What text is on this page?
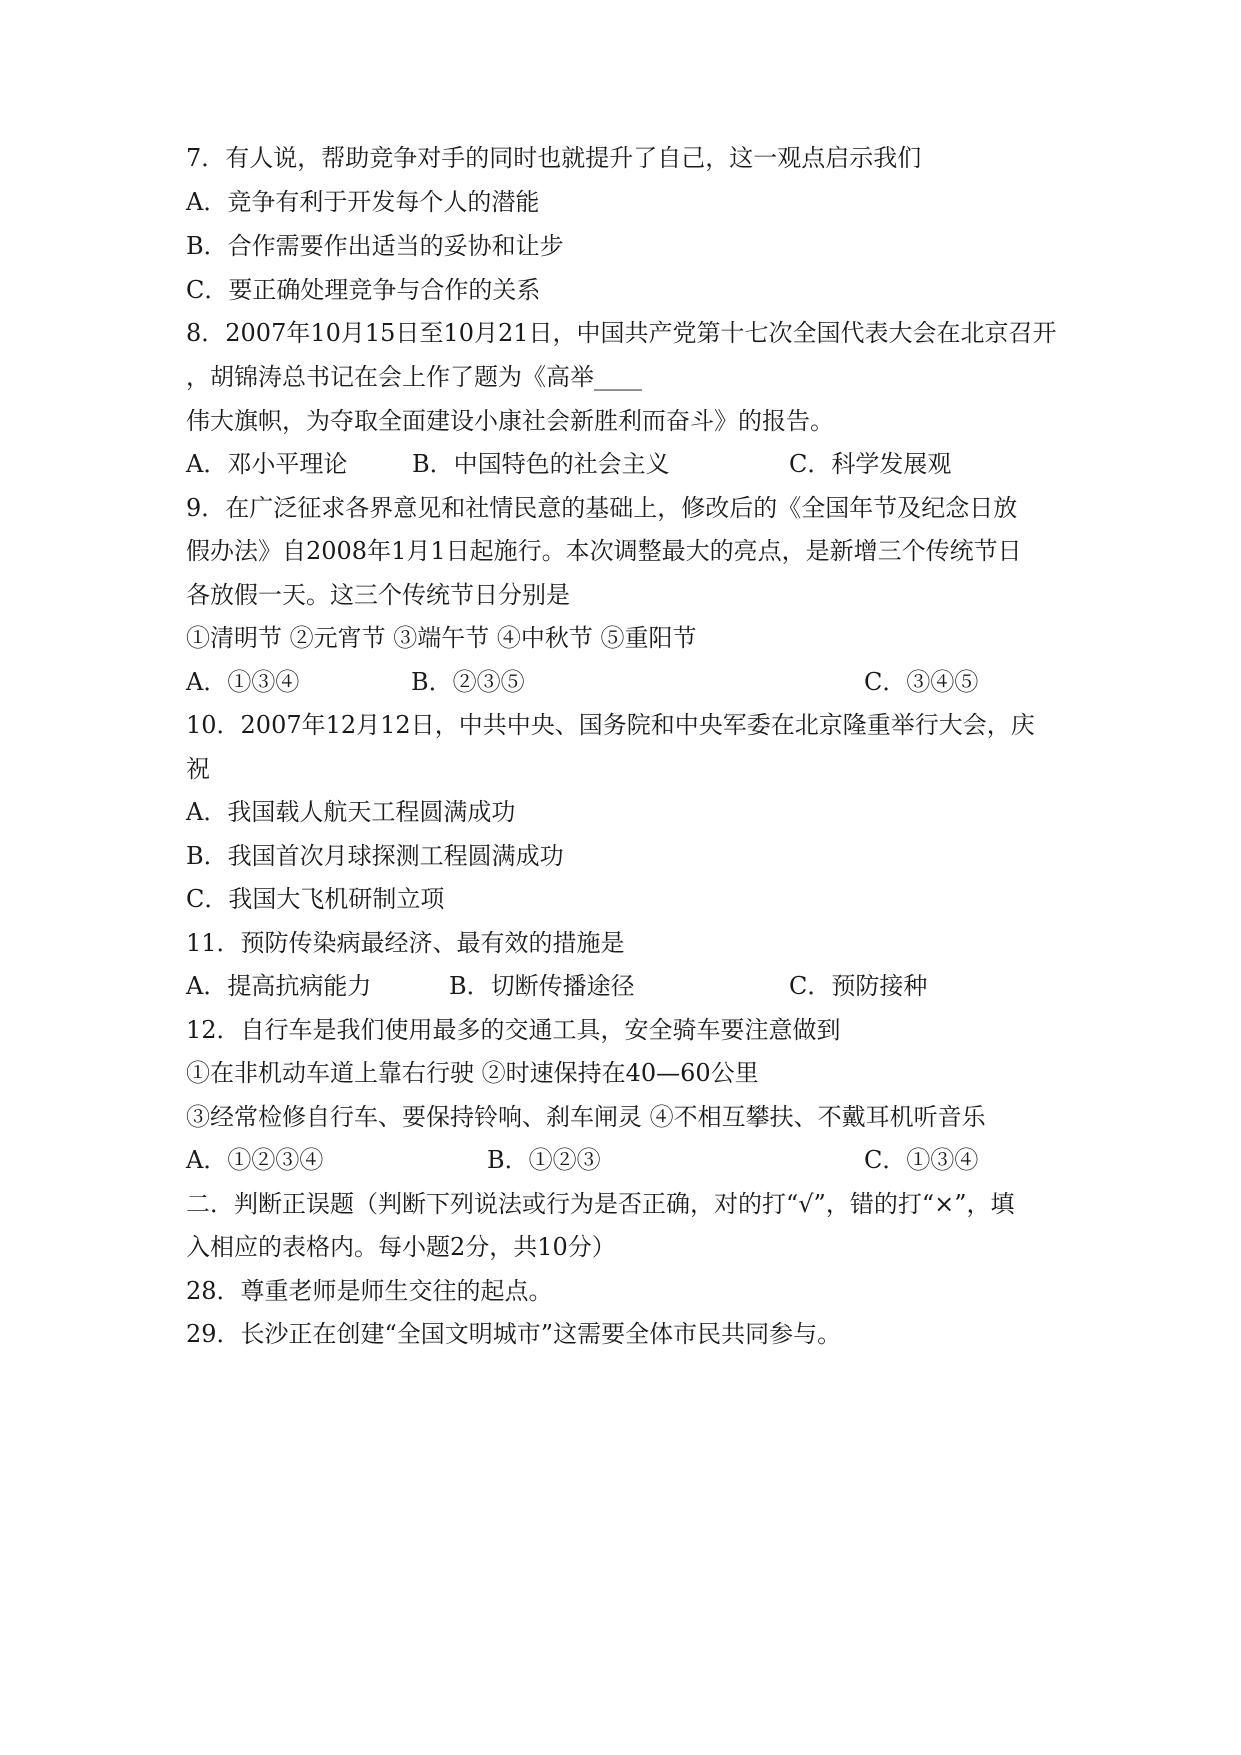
7．有人说，帮助竞争对手的同时也就提升了自己，这一观点启示我们
A．竞争有利于开发每个人的潜能
B．合作需要作出适当的妥协和让步
C．要正确处理竞争与合作的关系
8．2007年10月15日至10月21日，中国共产党第十七次全国代表大会在北京召开
，胡锦涛总书记在会上作了题为《高举____
伟大旗帜，为夺取全面建设小康社会新胜利而奋斗》的报告。
A．邓小平理论	B．中国特色的社会主义	C．科学发展观
9．在广泛征求各界意见和社情民意的基础上，修改后的《全国年节及纪念日放
假办法》自2008年1月1日起施行。本次调整最大的亮点，是新增三个传统节日
各放假一天。这三个传统节日分别是
①清明节 ②元宵节 ③端午节 ④中秋节 ⑤重阳节
A．①③④	B．②③⑤	C．③④⑤
10．2007年12月12日，中共中央、国务院和中央军委在北京隆重举行大会，庆
祝
A．我国载人航天工程圆满成功
B．我国首次月球探测工程圆满成功
C．我国大飞机研制立项
11．预防传染病最经济、最有效的措施是
A．提高抗病能力	B．切断传播途径	C．预防接种
12．自行车是我们使用最多的交通工具，安全骑车要注意做到
①在非机动车道上靠右行驶 ②时速保持在40—60公里
③经常检修自行车、要保持铃响、刹车闸灵 ④不相互攀扶、不戴耳机听音乐
A．①②③④	B．①②③	C．①③④
二．判断正误题（判断下列说法或行为是否正确，对的打“√”，错的打“×”，填
入相应的表格内。每小题2分，共10分）
28．尊重老师是师生交往的起点。
29．长沙正在创建“全国文明城市”这需要全体市民共同参与。
